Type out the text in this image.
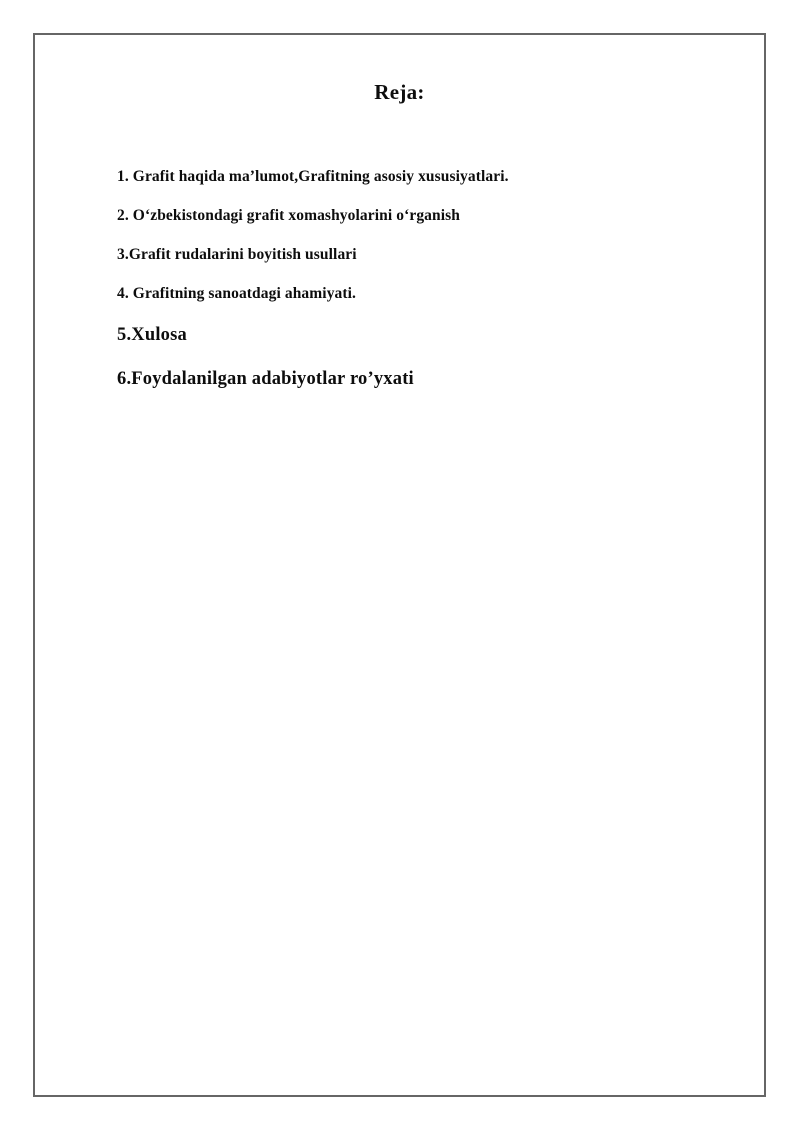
Reja:
1. Grafit haqida ma’lumot,Grafitning asosiy xususiyatlari.
2. O‘zbekistondagi grafit xomashyolarini o‘rganish
3.Grafit rudalarini boyitish usullari
4. Grafitning sanoatdagi ahamiyati.
5.Xulosa
6.Foydalanilgan adabiyotlar ro’yxati
